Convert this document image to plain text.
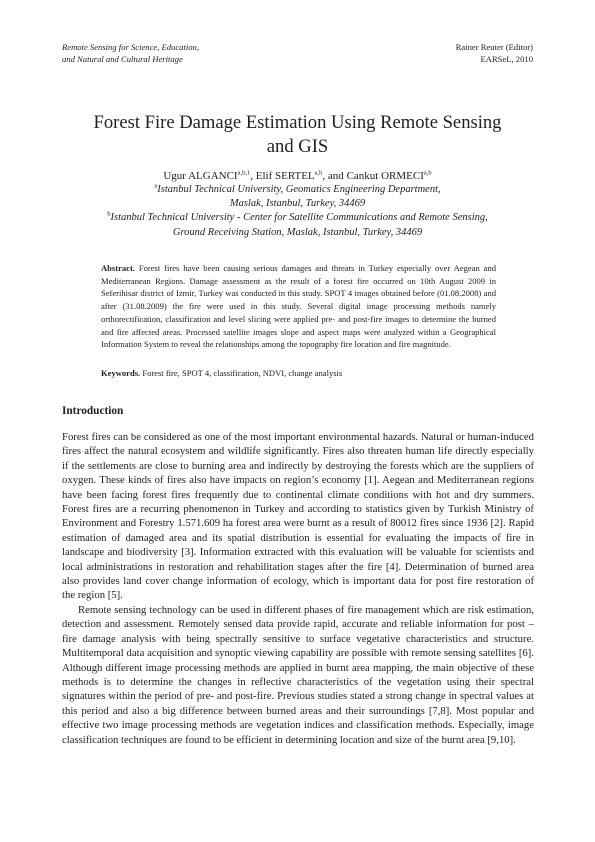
Remote Sensing for Science, Education,
and Natural and Cultural Heritage
Rainer Reuter (Editor)
EARSeL, 2010
Forest Fire Damage Estimation Using Remote Sensing
and GIS
Ugur ALGANCI$^{a,b,1}$, Elif SERTEL$^{a,b}$, and Cankut ORMECI$^{a,b}$
$^a$Istanbul Technical University, Geomatics Engineering Department,
Maslak, Istanbul, Turkey, 34469
$^b$Istanbul Technical University - Center for Satellite Communications and Remote Sensing,
Ground Receiving Station, Maslak, Istanbul, Turkey, 34469

Abstract. Forest fires have been causing serious damages and threats in Turkey especially over Aegean and Mediterranean Regions. Damage assessment as the result of a forest fire occurred on 10th August 2009 in Seferihisar district of Izmir, Turkey was conducted in this study. SPOT 4 images obtained before (01.08.2008) and after (31.08.2009) the fire were used in this study. Several digital image processing methods namely orthorectification, classification and level slicing were applied pre- and post-fire images to determine the burned and fire affected areas. Processed satellite images slope and aspect maps were analyzed within a Geographical Information System to reveal the relationships among the topography fire location and fire magnitude.

Keywords. Forest fire, SPOT 4, classification, NDVI, change analysis

Introduction

Forest fires can be considered as one of the most important environmental hazards. Natural or human-induced fires affect the natural ecosystem and wildlife significantly. Fires also threaten human life directly especially if the settlements are close to burning area and indirectly by destroying the forests which are the suppliers of oxygen. These kinds of fires also have impacts on region’s economy [1]. Aegean and Mediterranean regions have been facing forest fires frequently due to continental climate conditions with hot and dry summers. Forest fires are a recurring phenomenon in Turkey and according to statistics given by Turkish Ministry of Environment and Forestry 1.571.609 ha forest area were burnt as a result of 80012 fires since 1936 [2]. Rapid estimation of damaged area and its spatial distribution is essential for evaluating the impacts of fire in landscape and biodiversity [3]. Information extracted with this evaluation will be valuable for scientists and local administrations in restoration and rehabilitation stages after the fire [4]. Determination of burned area also provides land cover change information of ecology, which is important data for post fire restoration of the region [5].

Remote sensing technology can be used in different phases of fire management which are risk estimation, detection and assessment. Remotely sensed data provide rapid, accurate and reliable information for post – fire damage analysis with being spectrally sensitive to surface vegetative characteristics and structure. Multitemporal data acquisition and synoptic viewing capability are possible with remote sensing satellites [6]. Although different image processing methods are applied in burnt area mapping, the main objective of these methods is to determine the changes in reflective characteristics of the vegetation using their spectral signatures within the period of pre- and post-fire. Previous studies stated a strong change in spectral values at this period and also a big difference between burned areas and their surroundings [7,8]. Most popular and effective two image processing methods are vegetation indices and classification methods. Especially, image classification techniques are found to be efficient in determining location and size of the burnt area [9,10].
